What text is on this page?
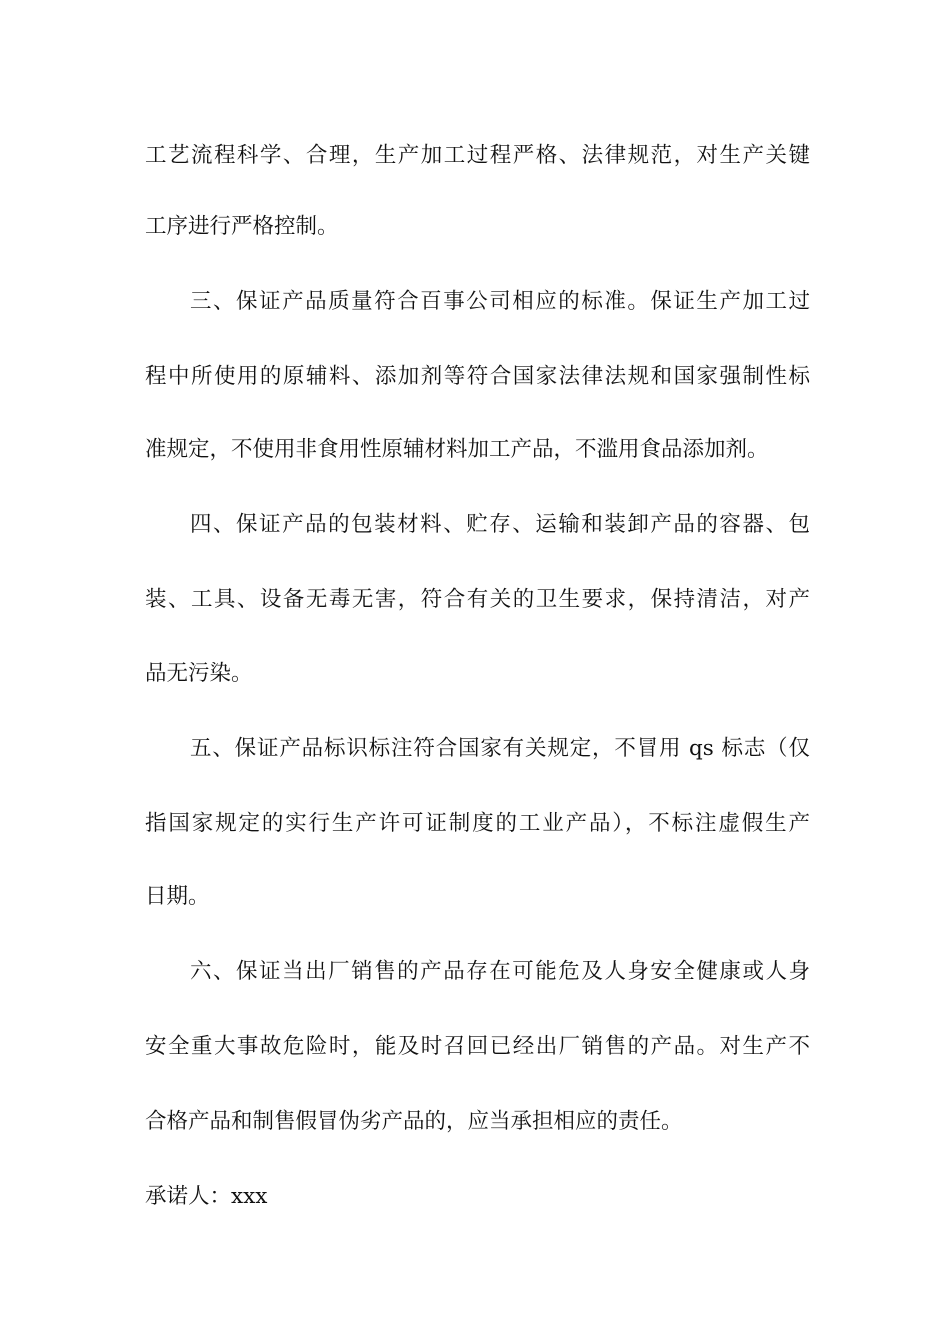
工艺流程科学、合理，生产加工过程严格、法律规范，对生产关键
工序进行严格控制。
三、保证产品质量符合百事公司相应的标准。保证生产加工过
程中所使用的原辅料、添加剂等符合国家法律法规和国家强制性标
准规定，不使用非食用性原辅材料加工产品，不滥用食品添加剂。
四、保证产品的包装材料、贮存、运输和装卸产品的容器、包
装、工具、设备无毒无害，符合有关的卫生要求，保持清洁，对产
品无污染。
五、保证产品标识标注符合国家有关规定，不冒用 qs 标志（仅
指国家规定的实行生产许可证制度的工业产品），不标注虚假生产
日期。
六、保证当出厂销售的产品存在可能危及人身安全健康或人身
安全重大事故危险时，能及时召回已经出厂销售的产品。对生产不
合格产品和制售假冒伪劣产品的，应当承担相应的责任。
承诺人：xxx
